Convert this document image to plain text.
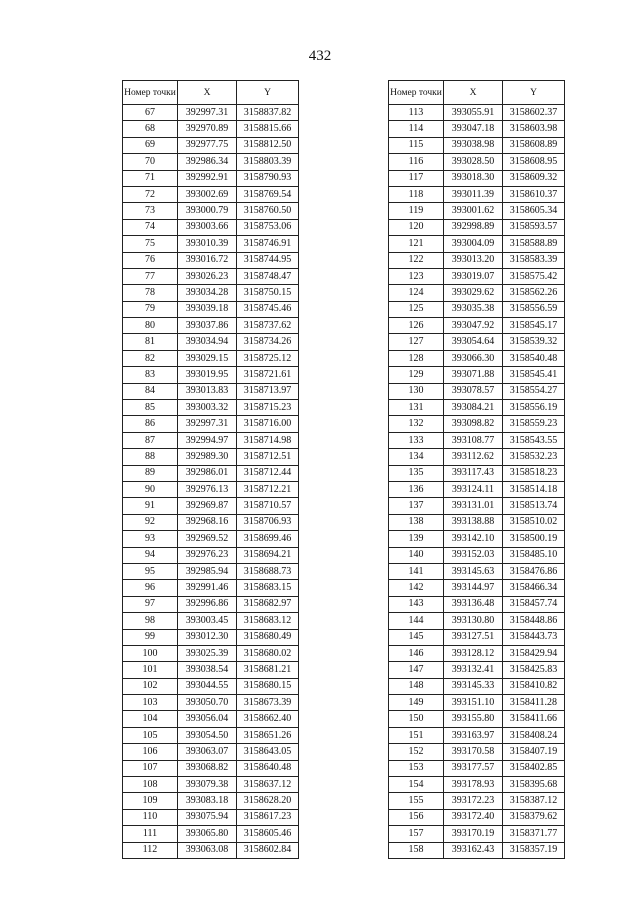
432
Номер точки	X	Y
67	392997.31	3158837.82
68	392970.89	3158815.66
69	392977.75	3158812.50
70	392986.34	3158803.39
71	392992.91	3158790.93
72	393002.69	3158769.54
73	393000.79	3158760.50
74	393003.66	3158753.06
75	393010.39	3158746.91
76	393016.72	3158744.95
77	393026.23	3158748.47
78	393034.28	3158750.15
79	393039.18	3158745.46
80	393037.86	3158737.62
81	393034.94	3158734.26
82	393029.15	3158725.12
83	393019.95	3158721.61
84	393013.83	3158713.97
85	393003.32	3158715.23
86	392997.31	3158716.00
87	392994.97	3158714.98
88	392989.30	3158712.51
89	392986.01	3158712.44
90	392976.13	3158712.21
91	392969.87	3158710.57
92	392968.16	3158706.93
93	392969.52	3158699.46
94	392976.23	3158694.21
95	392985.94	3158688.73
96	392991.46	3158683.15
97	392996.86	3158682.97
98	393003.45	3158683.12
99	393012.30	3158680.49
100	393025.39	3158680.02
101	393038.54	3158681.21
102	393044.55	3158680.15
103	393050.70	3158673.39
104	393056.04	3158662.40
105	393054.50	3158651.26
106	393063.07	3158643.05
107	393068.82	3158640.48
108	393079.38	3158637.12
109	393083.18	3158628.20
110	393075.94	3158617.23
111	393065.80	3158605.46
112	393063.08	3158602.84
Номер точки	X	Y
113	393055.91	3158602.37
114	393047.18	3158603.98
115	393038.98	3158608.89
116	393028.50	3158608.95
117	393018.30	3158609.32
118	393011.39	3158610.37
119	393001.62	3158605.34
120	392998.89	3158593.57
121	393004.09	3158588.89
122	393013.20	3158583.39
123	393019.07	3158575.42
124	393029.62	3158562.26
125	393035.38	3158556.59
126	393047.92	3158545.17
127	393054.64	3158539.32
128	393066.30	3158540.48
129	393071.88	3158545.41
130	393078.57	3158554.27
131	393084.21	3158556.19
132	393098.82	3158559.23
133	393108.77	3158543.55
134	393112.62	3158532.23
135	393117.43	3158518.23
136	393124.11	3158514.18
137	393131.01	3158513.74
138	393138.88	3158510.02
139	393142.10	3158500.19
140	393152.03	3158485.10
141	393145.63	3158476.86
142	393144.97	3158466.34
143	393136.48	3158457.74
144	393130.80	3158448.86
145	393127.51	3158443.73
146	393128.12	3158429.94
147	393132.41	3158425.83
148	393145.33	3158410.82
149	393151.10	3158411.28
150	393155.80	3158411.66
151	393163.97	3158408.24
152	393170.58	3158407.19
153	393177.57	3158402.85
154	393178.93	3158395.68
155	393172.23	3158387.12
156	393172.40	3158379.62
157	393170.19	3158371.77
158	393162.43	3158357.19
